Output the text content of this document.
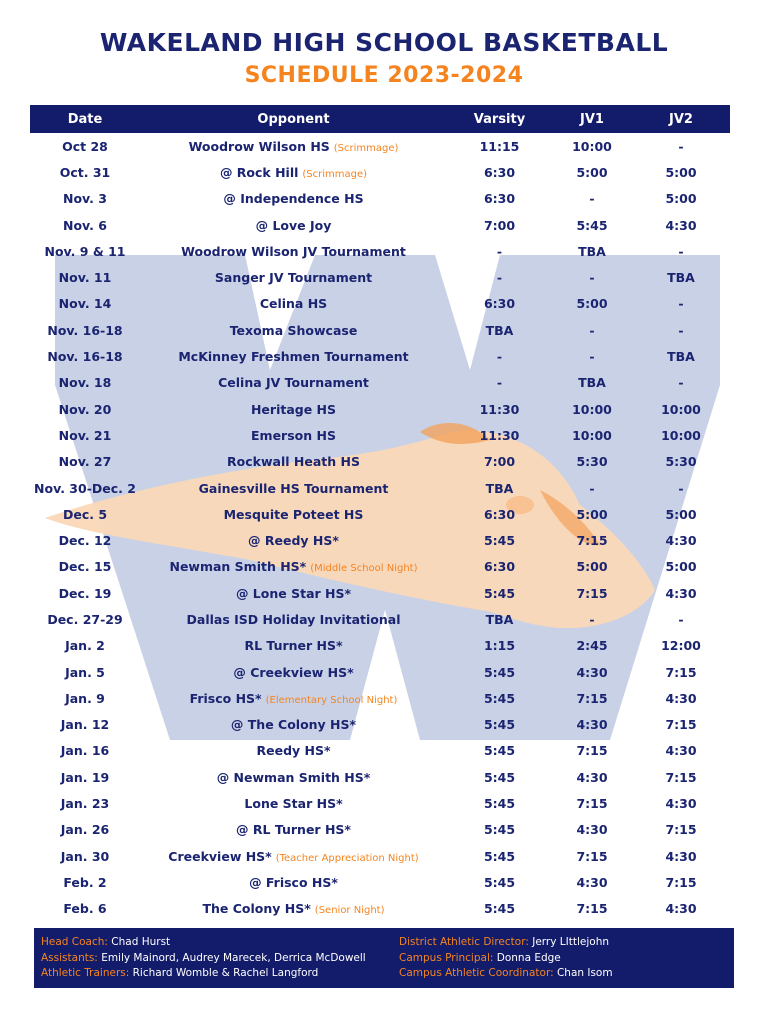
WAKELAND HIGH SCHOOL BASKETBALL
SCHEDULE 2023-2024
Date	Opponent	Varsity	JV1	JV2
Oct 28	Woodrow Wilson HS (Scrimmage)	11:15	10:00	-
Oct. 31	@ Rock Hill (Scrimmage)	6:30	5:00	5:00
Nov. 3	@ Independence HS	6:30	-	5:00
Nov. 6	@ Love Joy	7:00	5:45	4:30
Nov. 9 & 11	Woodrow Wilson JV Tournament	-	TBA	-
Nov. 11	Sanger JV Tournament	-	-	TBA
Nov. 14	Celina HS	6:30	5:00	-
Nov. 16-18	Texoma Showcase	TBA	-	-
Nov. 16-18	McKinney Freshmen Tournament	-	-	TBA
Nov. 18	Celina JV Tournament	-	TBA	-
Nov. 20	Heritage HS	11:30	10:00	10:00
Nov. 21	Emerson HS	11:30	10:00	10:00
Nov. 27	Rockwall Heath HS	7:00	5:30	5:30
Nov. 30-Dec. 2	Gainesville HS Tournament	TBA	-	-
Dec. 5	Mesquite Poteet HS	6:30	5:00	5:00
Dec. 12	@ Reedy HS*	5:45	7:15	4:30
Dec. 15	Newman Smith HS* (Middle School Night)	6:30	5:00	5:00
Dec. 19	@ Lone Star HS*	5:45	7:15	4:30
Dec. 27-29	Dallas ISD Holiday Invitational	TBA	-	-
Jan. 2	RL Turner HS*	1:15	2:45	12:00
Jan. 5	@ Creekview HS*	5:45	4:30	7:15
Jan. 9	Frisco HS* (Elementary School Night)	5:45	7:15	4:30
Jan. 12	@ The Colony HS*	5:45	4:30	7:15
Jan. 16	Reedy HS*	5:45	7:15	4:30
Jan. 19	@ Newman Smith HS*	5:45	4:30	7:15
Jan. 23	Lone Star HS*	5:45	7:15	4:30
Jan. 26	@ RL Turner HS*	5:45	4:30	7:15
Jan. 30	Creekview HS* (Teacher Appreciation Night)	5:45	7:15	4:30
Feb. 2	@ Frisco HS*	5:45	4:30	7:15
Feb. 6	The Colony HS* (Senior Night)	5:45	7:15	4:30
Head Coach: Chad Hurst
Assistants: Emily Mainord, Audrey Marecek, Derrica McDowell
Athletic Trainers: Richard Womble & Rachel Langford
District Athletic Director: Jerry LIttlejohn
Campus Principal: Donna Edge
Campus Athletic Coordinator: Chan Isom
